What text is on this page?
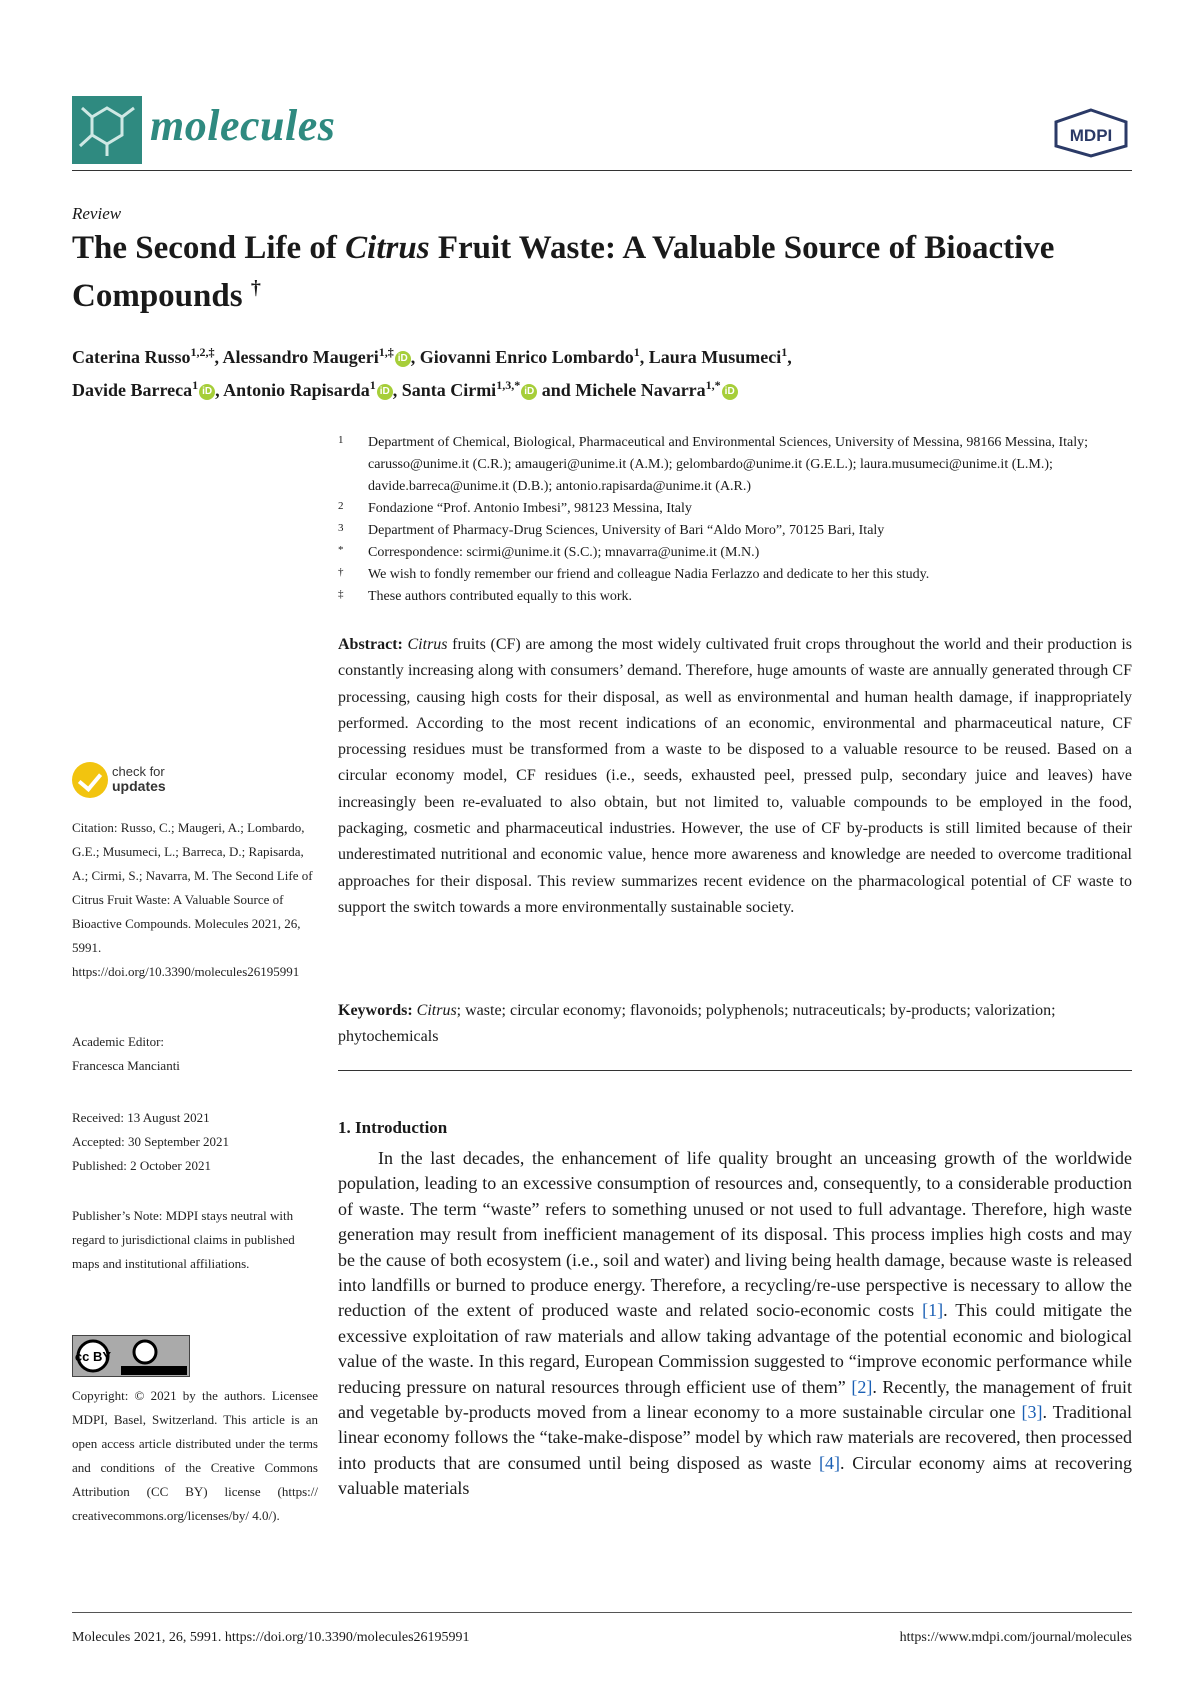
molecules	MDPI
Review
The Second Life of Citrus Fruit Waste: A Valuable Source of Bioactive Compounds †
Caterina Russo$^{1,2,\ddagger}$, Alessandro Maugeri$^{1,\ddagger}$ iD , Giovanni Enrico Lombardo$^1$, Laura Musumeci$^1$,
Davide Barreca$^1$ iD , Antonio Rapisarda$^1$ iD , Santa Cirmi$^{1,3,*}$ iD and Michele Navarra$^{1,*}$ iD
1 Department of Chemical, Biological, Pharmaceutical and Environmental Sciences, University of Messina, 98166 Messina, Italy; carusso@unime.it (C.R.); amaugeri@unime.it (A.M.); gelombardo@unime.it (G.E.L.); laura.musumeci@unime.it (L.M.); davide.barreca@unime.it (D.B.); antonio.rapisarda@unime.it (A.R.)
2 Fondazione “Prof. Antonio Imbesi”, 98123 Messina, Italy
3 Department of Pharmacy-Drug Sciences, University of Bari “Aldo Moro”, 70125 Bari, Italy
* Correspondence: scirmi@unime.it (S.C.); mnavarra@unime.it (M.N.)
† We wish to fondly remember our friend and colleague Nadia Ferlazzo and dedicate to her this study.
‡ These authors contributed equally to this work.
check for
updates
Citation: Russo, C.; Maugeri, A.; Lombardo, G.E.; Musumeci, L.; Barreca, D.; Rapisarda, A.; Cirmi, S.; Navarra, M. The Second Life of Citrus Fruit Waste: A Valuable Source of Bioactive Compounds. Molecules 2021, 26, 5991. https://doi.org/10.3390/molecules26195991
Academic Editor:
Francesca Mancianti
Received: 13 August 2021
Accepted: 30 September 2021
Published: 2 October 2021
Publisher’s Note: MDPI stays neutral with regard to jurisdictional claims in published maps and institutional affiliations.
cc BY
Copyright: © 2021 by the authors. Licensee MDPI, Basel, Switzerland. This article is an open access article distributed under the terms and conditions of the Creative Commons Attribution (CC BY) license (https:// creativecommons.org/licenses/by/ 4.0/).
Abstract: Citrus fruits (CF) are among the most widely cultivated fruit crops throughout the world and their production is constantly increasing along with consumers’ demand. Therefore, huge amounts of waste are annually generated through CF processing, causing high costs for their disposal, as well as environmental and human health damage, if inappropriately performed. According to the most recent indications of an economic, environmental and pharmaceutical nature, CF processing residues must be transformed from a waste to be disposed to a valuable resource to be reused. Based on a circular economy model, CF residues (i.e., seeds, exhausted peel, pressed pulp, secondary juice and leaves) have increasingly been re-evaluated to also obtain, but not limited to, valuable compounds to be employed in the food, packaging, cosmetic and pharmaceutical industries. However, the use of CF by-products is still limited because of their underestimated nutritional and economic value, hence more awareness and knowledge are needed to overcome traditional approaches for their disposal. This review summarizes recent evidence on the pharmacological potential of CF waste to support the switch towards a more environmentally sustainable society.
Keywords: Citrus; waste; circular economy; flavonoids; polyphenols; nutraceuticals; by-products; valorization; phytochemicals
1. Introduction
In the last decades, the enhancement of life quality brought an unceasing growth of the worldwide population, leading to an excessive consumption of resources and, consequently, to a considerable production of waste. The term “waste” refers to something unused or not used to full advantage. Therefore, high waste generation may result from inefficient management of its disposal. This process implies high costs and may be the cause of both ecosystem (i.e., soil and water) and living being health damage, because waste is released into landfills or burned to produce energy. Therefore, a recycling/re-use perspective is necessary to allow the reduction of the extent of produced waste and related socio-economic costs [1]. This could mitigate the excessive exploitation of raw materials and allow taking advantage of the potential economic and biological value of the waste. In this regard, European Commission suggested to “improve economic performance while reducing pressure on natural resources through efficient use of them” [2]. Recently, the management of fruit and vegetable by-products moved from a linear economy to a more sustainable circular one [3]. Traditional linear economy follows the “take-make-dispose” model by which raw materials are recovered, then processed into products that are consumed until being disposed as waste [4]. Circular economy aims at recovering valuable materials
Molecules 2021, 26, 5991. https://doi.org/10.3390/molecules26195991	https://www.mdpi.com/journal/molecules
